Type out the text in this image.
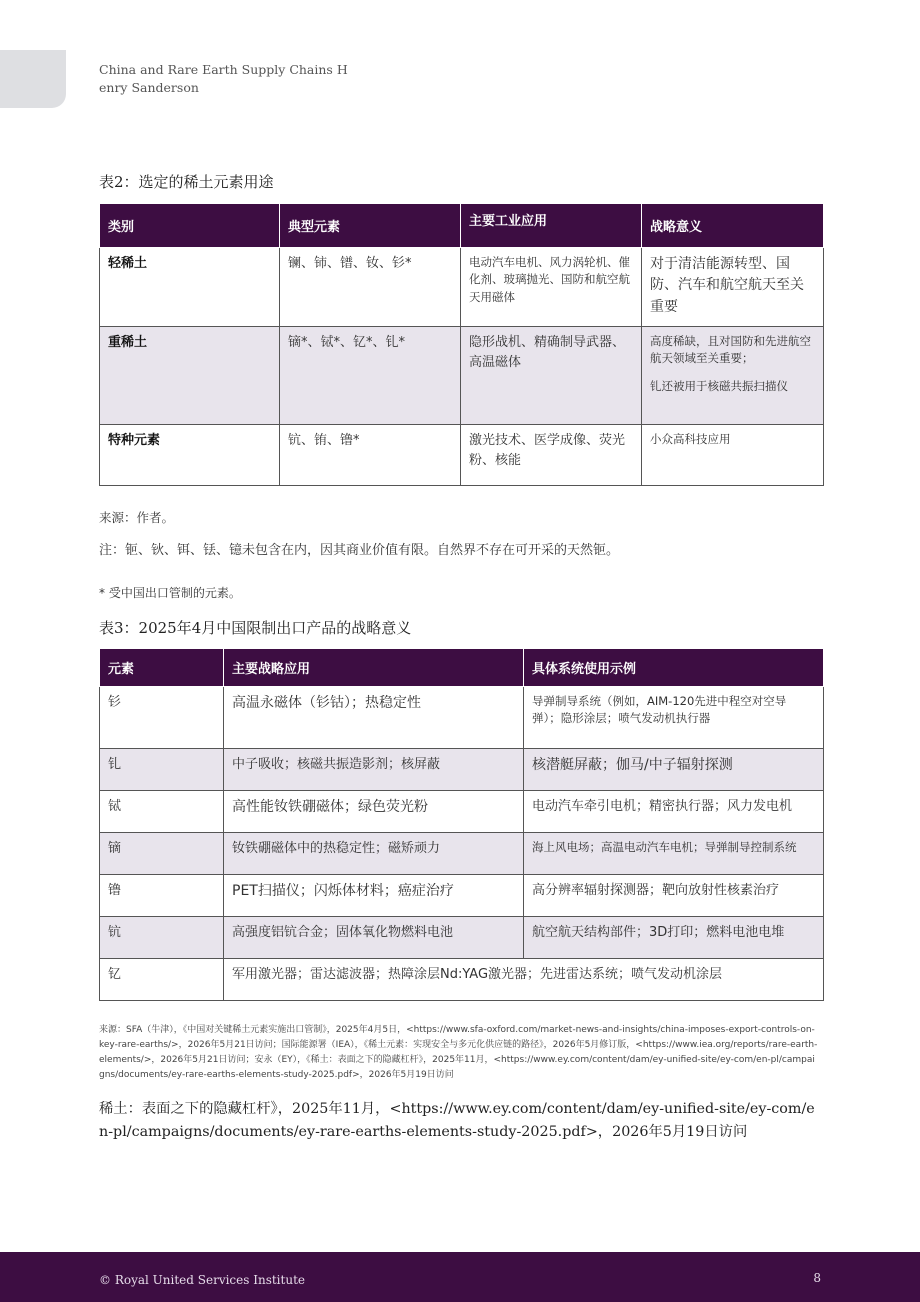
China and Rare Earth Supply Chains H enry Sanderson
表2：选定的稀土元素用途
类别	典型元素	主要工业应用	战略意义
轻稀土	镧、铈、镨、钕、钐*	电动汽车电机、风力涡轮机、催化剂、玻璃抛光、国防和航空航天用磁体	对于清洁能源转型、国防、汽车和航空航天至关重要
重稀土	镝*、铽*、钇*、钆*	隐形战机、精确制导武器、高温磁体	高度稀缺，且对国防和先进航空航天领域至关重要；
钆还被用于核磁共振扫描仪
特种元素	钪、铕、镥*	激光技术、医学成像、荧光粉、核能	小众高科技应用
来源：作者。
注：钷、钬、铒、铥、镱未包含在内，因其商业价值有限。自然界不存在可开采的天然钷。
* 受中国出口管制的元素。
表3：2025年4月中国限制出口产品的战略意义
元素	主要战略应用	具体系统使用示例
钐	高温永磁体（钐钴）；热稳定性	导弹制导系统（例如，AIM-120先进中程空对空导弹）；隐形涂层；喷气发动机执行器
钆	中子吸收；核磁共振造影剂；核屏蔽	核潜艇屏蔽；伽马/中子辐射探测
铽	高性能钕铁硼磁体；绿色荧光粉	电动汽车牵引电机；精密执行器；风力发电机
镝	钕铁硼磁体中的热稳定性；磁矫顽力	海上风电场；高温电动汽车电机；导弹制导控制系统
镥	PET扫描仪；闪烁体材料；癌症治疗	高分辨率辐射探测器；靶向放射性核素治疗
钪	高强度铝钪合金；固体氧化物燃料电池	航空航天结构部件；3D打印；燃料电池电堆
钇	军用激光器；雷达滤波器；热障涂层Nd:YAG激光器；先进雷达系统；喷气发动机涂层	
来源：SFA（牛津），《中国对关键稀土元素实施出口管制》，2025年4月5日，<https://www.sfa-oxford.com/market-news-and-insights/china-imposes-export-controls-on-key-rare-earths/>，2026年5月21日访问；国际能源署（IEA），《稀土元素：实现安全与多元化供应链的路径》，2026年5月修订版，<https://www.iea.org/reports/rare-earth-elements/>，2026年5月21日访问；安永（EY），《稀土：表面之下的隐藏杠杆》，2025年11月，<https://www.ey.com/content/dam/ey-unified-site/ey-com/en-pl/campaigns/documents/ey-rare-earths-elements-study-2025.pdf>，2026年5月19日访问
稀土：表面之下的隐藏杠杆》，2025年11月，<https://www.ey.com/content/dam/ey-unified-site/ey-com/en-pl/campaigns/documents/ey-rare-earths-elements-study-2025.pdf>，2026年5月19日访问
© Royal United Services Institute	8
